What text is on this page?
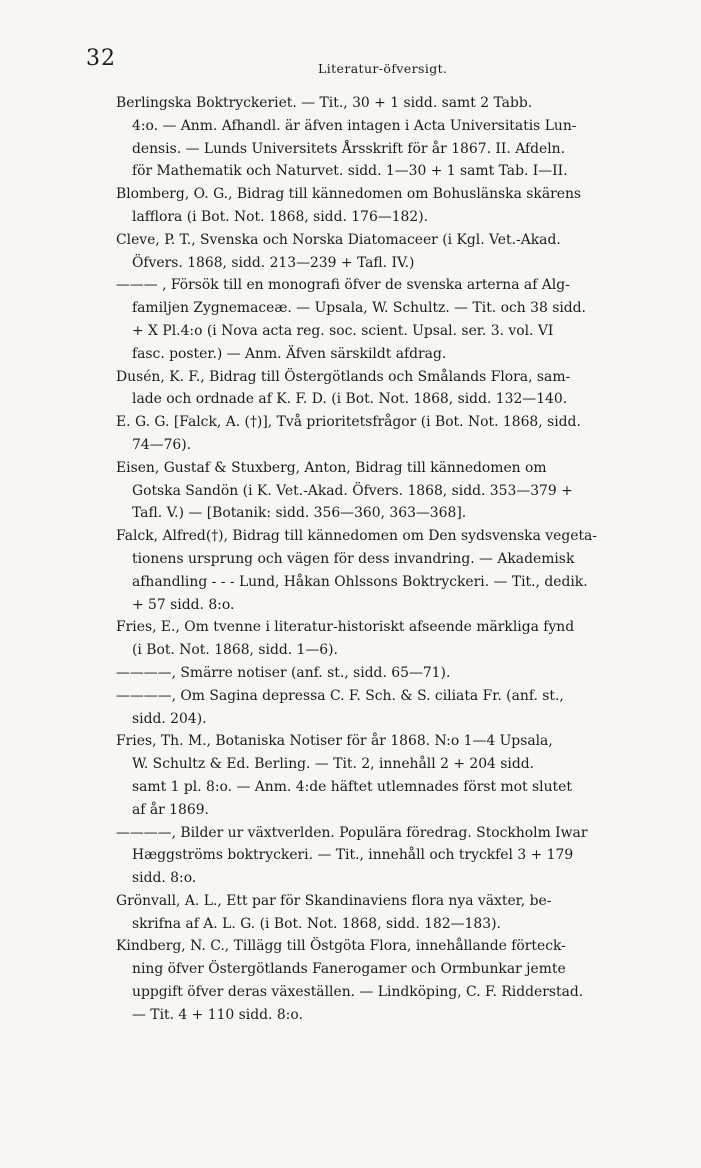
32	Literatur-öfversigt.
Berlingska Boktryckeriet. — Tit., 30 + 1 sidd. samt 2 Tabb.
4:o. — Anm. Afhandl. är äfven intagen i Acta Universitatis Lun-
densis. — Lunds Universitets Årsskrift för år 1867. II. Afdeln.
för Mathematik och Naturvet. sidd. 1—30 + 1 samt Tab. I—II.
Blomberg, O. G., Bidrag till kännedomen om Bohuslänska skärens
lafflora (i Bot. Not. 1868, sidd. 176—182).
Cleve, P. T., Svenska och Norska Diatomaceer (i Kgl. Vet.-Akad.
Öfvers. 1868, sidd. 213—239 + Tafl. IV.)
——— , Försök till en monografi öfver de svenska arterna af Alg-
familjen Zygnemaceæ. — Upsala, W. Schultz. — Tit. och 38 sidd.
+ X Pl.4:o (i Nova acta reg. soc. scient. Upsal. ser. 3. vol. VI
fasc. poster.) — Anm. Äfven särskildt afdrag.
Dusén, K. F., Bidrag till Östergötlands och Smålands Flora, sam-
lade och ordnade af K. F. D. (i Bot. Not. 1868, sidd. 132—140.
E. G. G. [Falck, A. (†)], Två prioritetsfrågor (i Bot. Not. 1868, sidd.
74—76).
Eisen, Gustaf & Stuxberg, Anton, Bidrag till kännedomen om
Gotska Sandön (i K. Vet.-Akad. Öfvers. 1868, sidd. 353—379 +
Tafl. V.) — [Botanik: sidd. 356—360, 363—368].
Falck, Alfred(†), Bidrag till kännedomen om Den sydsvenska vegeta-
tionens ursprung och vägen för dess invandring. — Akademisk
afhandling - - - Lund, Håkan Ohlssons Boktryckeri. — Tit., dedik.
+ 57 sidd. 8:o.
Fries, E., Om tvenne i literatur-historiskt afseende märkliga fynd
(i Bot. Not. 1868, sidd. 1—6).
————, Smärre notiser (anf. st., sidd. 65—71).
————, Om Sagina depressa C. F. Sch. & S. ciliata Fr. (anf. st.,
sidd. 204).
Fries, Th. M., Botaniska Notiser för år 1868. N:o 1—4 Upsala,
W. Schultz & Ed. Berling. — Tit. 2, innehåll 2 + 204 sidd.
samt 1 pl. 8:o. — Anm. 4:de häftet utlemnades först mot slutet
af år 1869.
————, Bilder ur växtverlden. Populära föredrag. Stockholm Iwar
Hæggströms boktryckeri. — Tit., innehåll och tryckfel 3 + 179
sidd. 8:o.
Grönvall, A. L., Ett par för Skandinaviens flora nya växter, be-
skrifna af A. L. G. (i Bot. Not. 1868, sidd. 182—183).
Kindberg, N. C., Tillägg till Östgöta Flora, innehållande förteck-
ning öfver Östergötlands Fanerogamer och Ormbunkar jemte
uppgift öfver deras växeställen. — Lindköping, C. F. Ridderstad.
— Tit. 4 + 110 sidd. 8:o.
